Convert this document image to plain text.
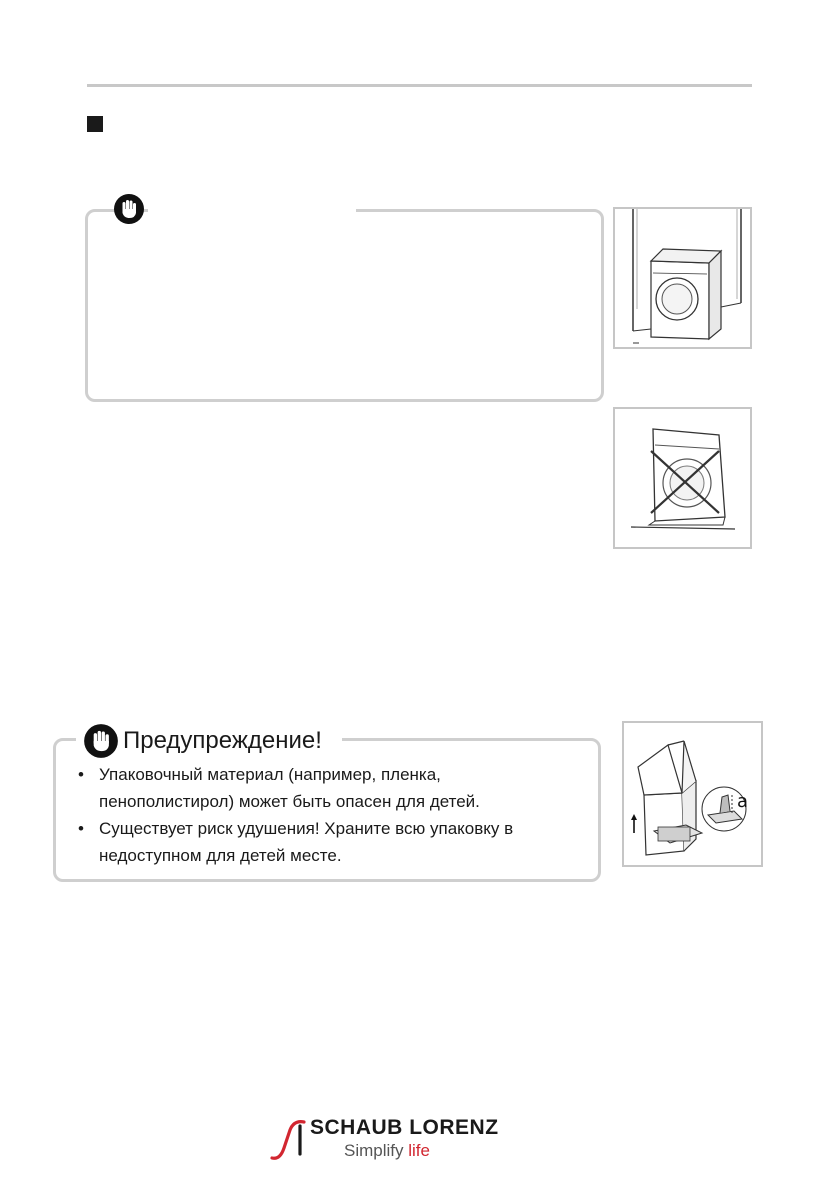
Предупреждение!
• Упаковочный материал (например, пленка,
пенополистирол) может быть опасен для детей.
• Существует риск удушения! Храните всю упаковку в
недоступном для детей месте.
a
SCHAUB LORENZ
Simplify life
